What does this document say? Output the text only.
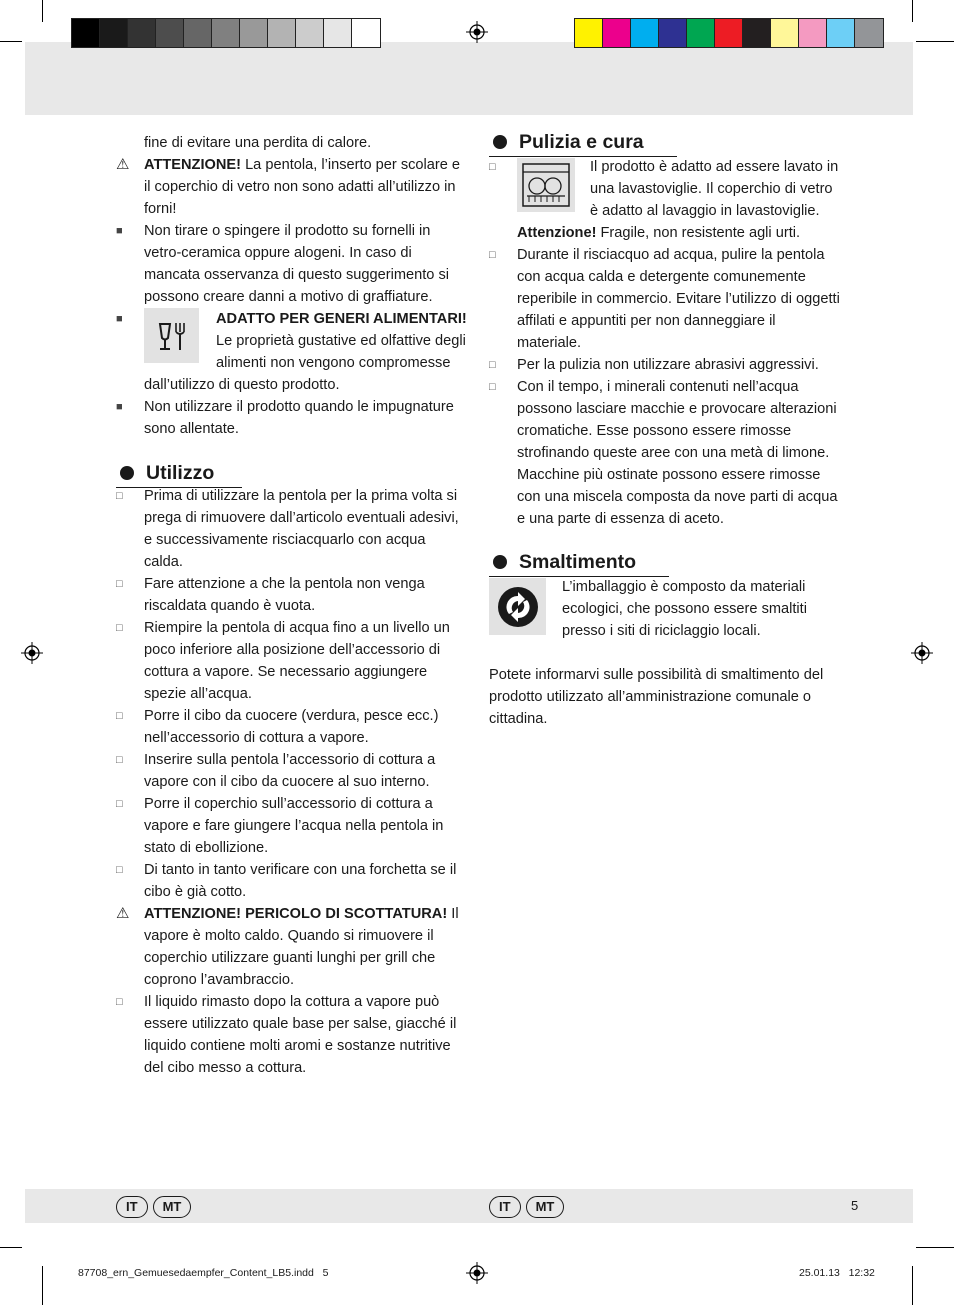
fine di evitare una perdita di calore.
⚠ ATTENZIONE! La pentola, l’inserto per scolare e il coperchio di vetro non sono adatti all’utilizzo in forni!
■	Non tirare o spingere il prodotto su fornelli in vetro-ceramica oppure alogeni. In caso di mancata osservanza di questo suggerimento si possono creare danni a motivo di graffiature.
■	ADATTO PER GENERI ALIMENTARI! Le proprietà gustative ed olfattive degli alimenti non vengono compromesse dall’utilizzo di questo prodotto.
■	Non utilizzare il prodotto quando le impugnature sono allentate.
Utilizzo
□	Prima di utilizzare la pentola per la prima volta si prega di rimuovere dall’articolo eventuali adesivi, e successivamente risciacquarlo con acqua calda.
□	Fare attenzione a che la pentola non venga riscaldata quando è vuota.
□	Riempire la pentola di acqua fino a un livello un poco inferiore alla posizione dell’accessorio di cottura a vapore. Se necessario aggiungere spezie all’acqua.
□	Porre il cibo da cuocere (verdura, pesce ecc.) nell’accessorio di cottura a vapore.
□	Inserire sulla pentola l’accessorio di cottura a vapore con il cibo da cuocere al suo interno.
□	Porre il coperchio sull’accessorio di cottura a vapore e fare giungere l’acqua nella pentola in stato di ebollizione.
□	Di tanto in tanto verificare con una forchetta se il cibo è già cotto.
⚠ ATTENZIONE! PERICOLO DI SCOTTATURA! Il vapore è molto caldo. Quando si rimuovere il coperchio utilizzare guanti lunghi per grill che coprono l’avambraccio.
□	Il liquido rimasto dopo la cottura a vapore può essere utilizzato quale base per salse, giacché il liquido contiene molti aromi e sostanze nutritive del cibo messo a cottura.
Pulizia e cura
□	Il prodotto è adatto ad essere lavato in una lavastoviglie. Il coperchio di vetro è adatto al lavaggio in lavastoviglie. Attenzione! Fragile, non resistente agli urti.
□	Durante il risciacquo ad acqua, pulire la pentola con acqua calda e detergente comunemente reperibile in commercio. Evitare l’utilizzo di oggetti affilati e appuntiti per non danneggiare il materiale.
□	Per la pulizia non utilizzare abrasivi aggressivi.
□	Con il tempo, i minerali contenuti nell’acqua possono lasciare macchie e provocare alterazioni cromatiche. Esse possono essere rimosse strofinando queste aree con una metà di limone. Macchine più ostinate possono essere rimosse con una miscela composta da nove parti di acqua e una parte di essenza di aceto.
Smaltimento
L’imballaggio è composto da materiali ecologici, che possono essere smaltiti presso i siti di riciclaggio locali.
Potete informarvi sulle possibilità di smaltimento del prodotto utilizzato all’amministrazione comunale o cittadina.
IT	MT	IT	MT	5
87708_ern_Gemuesedaempfer_Content_LB5.indd   5	25.01.13   12:32
